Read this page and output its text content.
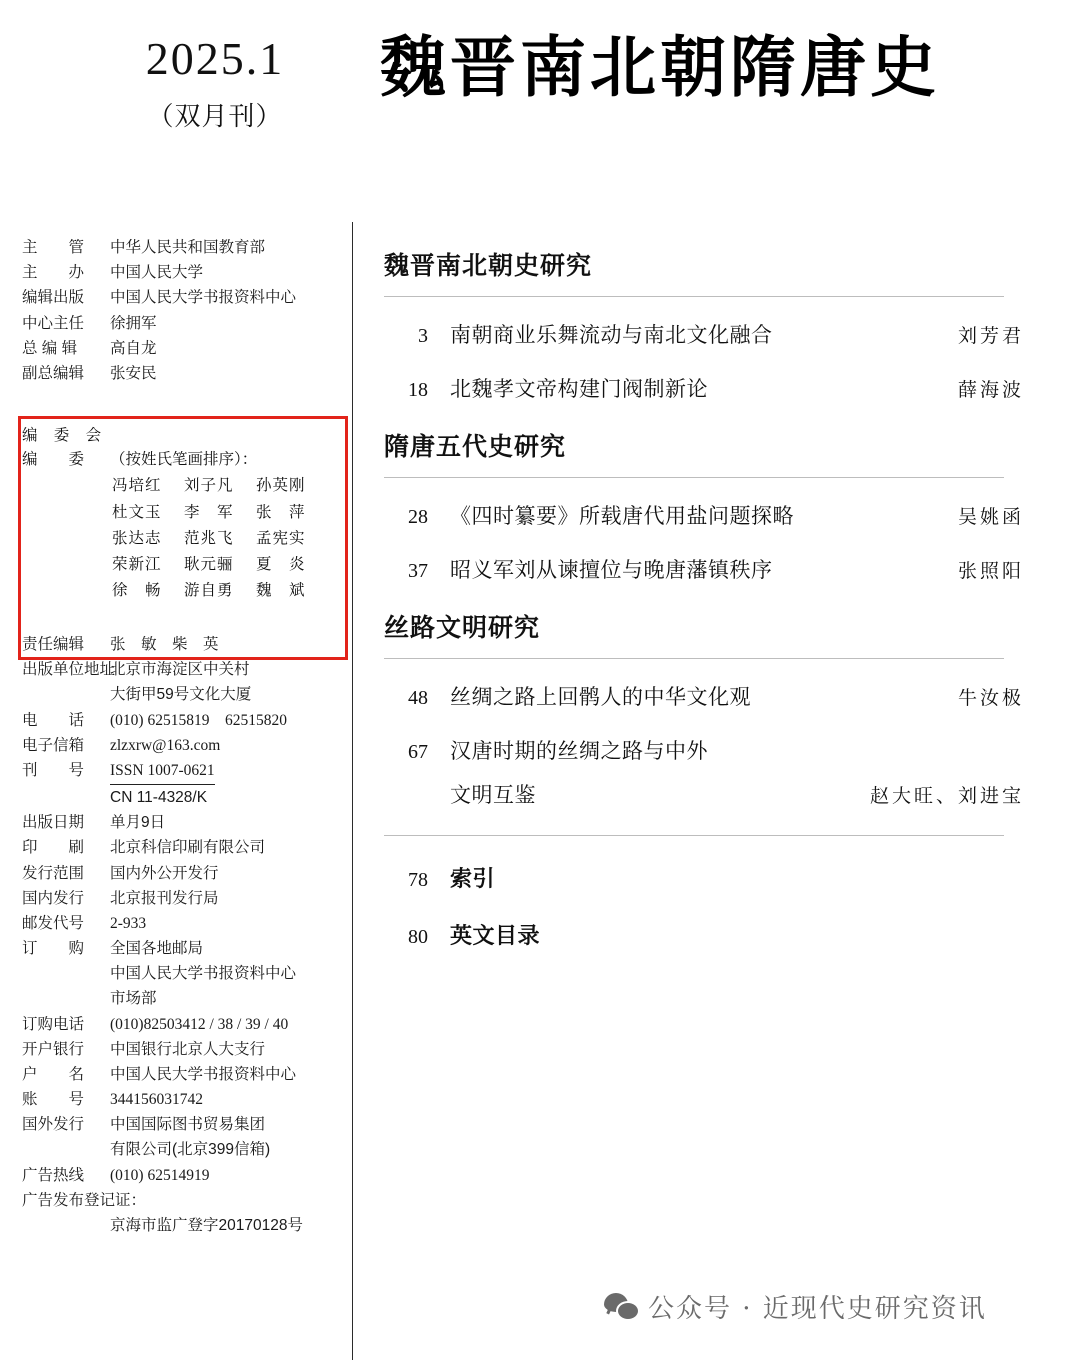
2025.1
（双月刊）
魏晋南北朝隋唐史
主　　管	中华人民共和国教育部
主　　办	中国人民大学
编辑出版	中国人民大学书报资料中心
中心主任	徐拥军
总 编 辑	高自龙
副总编辑	张安民
责任编辑	张　敏　柴　英
出版单位地址
北京市海淀区中关村
大街甲59号文化大厦
电　　话	(010) 62515819　62515820
电子信箱	zlzxrw@163.com
刊　　号	ISSN 1007-0621
CN 11-4328/K
出版日期	单月9日
印　　刷	北京科信印刷有限公司
发行范围	国内外公开发行
国内发行	北京报刊发行局
邮发代号	2-933
订　　购	全国各地邮局
中国人民大学书报资料中心
市场部
订购电话	(010)82503412 / 38 / 39 / 40
开户银行	中国银行北京人大支行
户　　名	中国人民大学书报资料中心
账　　号	344156031742
国外发行	中国国际图书贸易集团
有限公司(北京399信箱)
广告热线	(010) 62514919
广告发布登记证：
京海市监广登字20170128号
编 委 会
编　　委	（按姓氏笔画排序）：
冯培红 刘子凡 孙英刚
杜文玉 李　军 张　萍
张达志 范兆飞 孟宪实
荣新江 耿元骊 夏　炎
徐　畅 游自勇 魏　斌
魏晋南北朝史研究
3	南朝商业乐舞流动与南北文化融合	刘芳君
18	北魏孝文帝构建门阀制新论	薛海波
隋唐五代史研究
28	《四时纂要》所载唐代用盐问题探略	吴姚函
37	昭义军刘从谏擅位与晚唐藩镇秩序	张照阳
丝路文明研究
48	丝绸之路上回鹘人的中华文化观	牛汝极
67	汉唐时期的丝绸之路与中外
文明互鉴	赵大旺、刘进宝
78	索引
80	英文目录
公众号 · 近现代史研究资讯
